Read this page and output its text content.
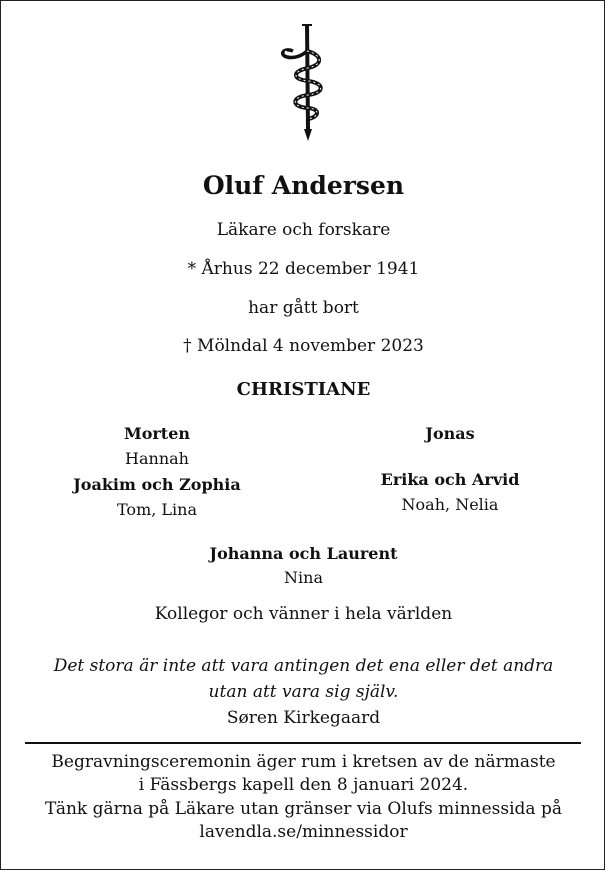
Oluf Andersen
Läkare och forskare
* Århus 22 december 1941
har gått bort
† Mölndal 4 november 2023
CHRISTIANE
Morten
Hannah
Joakim och Zophia
Tom, Lina
Jonas
Erika och Arvid
Noah, Nelia
Johanna och Laurent
Nina
Kollegor och vänner i hela världen
Det stora är inte att vara antingen det ena eller det andra
utan att vara sig själv.
Søren Kirkegaard
Begravningsceremonin äger rum i kretsen av de närmaste
i Fässbergs kapell den 8 januari 2024.
Tänk gärna på Läkare utan gränser via Olufs minnessida på
lavendla.se/minnessidor
